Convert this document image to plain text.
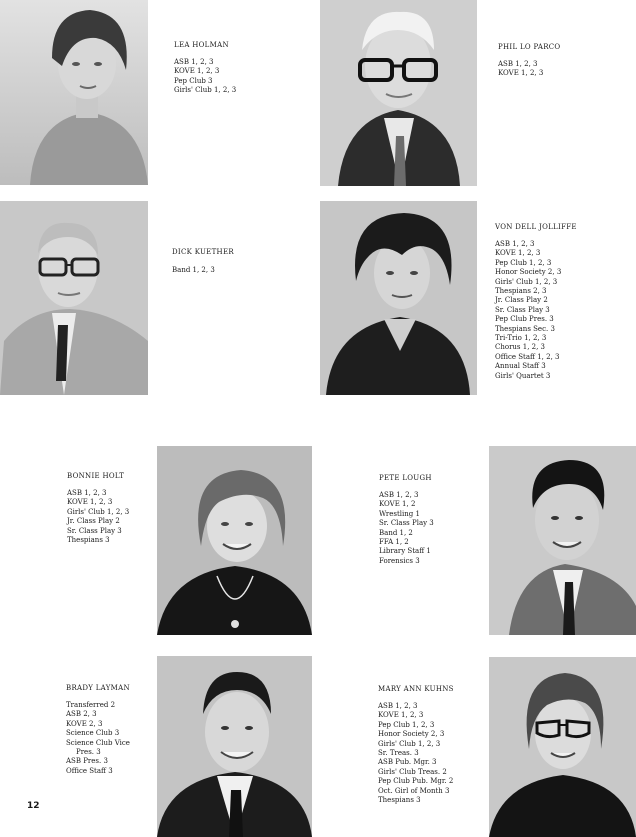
LEA HOLMAN
ASB 1, 2, 3
KOVE 1, 2, 3
Pep Club 3
Girls' Club 1, 2, 3
PHIL LO PARCO
ASB 1, 2, 3
KOVE 1, 2, 3
DICK KUETHER
Band 1, 2, 3
VON DELL JOLLIFFE
ASB 1, 2, 3
KOVE 1, 2, 3
Pep Club 1, 2, 3
Honor Society 2, 3
Girls' Club 1, 2, 3
Thespians 2, 3
Jr. Class Play 2
Sr. Class Play 3
Pep Club Pres. 3
Thespians Sec. 3
Tri-Trio 1, 2, 3
Chorus 1, 2, 3
Office Staff 1, 2, 3
Annual Staff 3
Girls' Quartet 3
BONNIE HOLT
ASB 1, 2, 3
KOVE 1, 2, 3
Girls' Club 1, 2, 3
Jr. Class Play 2
Sr. Class Play 3
Thespians 3
PETE LOUGH
ASB 1, 2, 3
KOVE 1, 2
Wrestling 1
Sr. Class Play 3
Band 1, 2
FFA 1, 2
Library Staff 1
Forensics 3
BRADY LAYMAN
Transferred 2
ASB 2, 3
KOVE 2, 3
Science Club 3
Science Club Vice
Pres. 3
ASB Pres. 3
Office Staff 3
MARY ANN KUHNS
ASB 1, 2, 3
KOVE 1, 2, 3
Pep Club 1, 2, 3
Honor Society 2, 3
Girls' Club 1, 2, 3
Sr. Treas. 3
ASB Pub. Mgr. 3
Girls' Club Treas. 2
Pep Club Pub. Mgr. 2
Oct. Girl of Month 3
Thespians 3
12
